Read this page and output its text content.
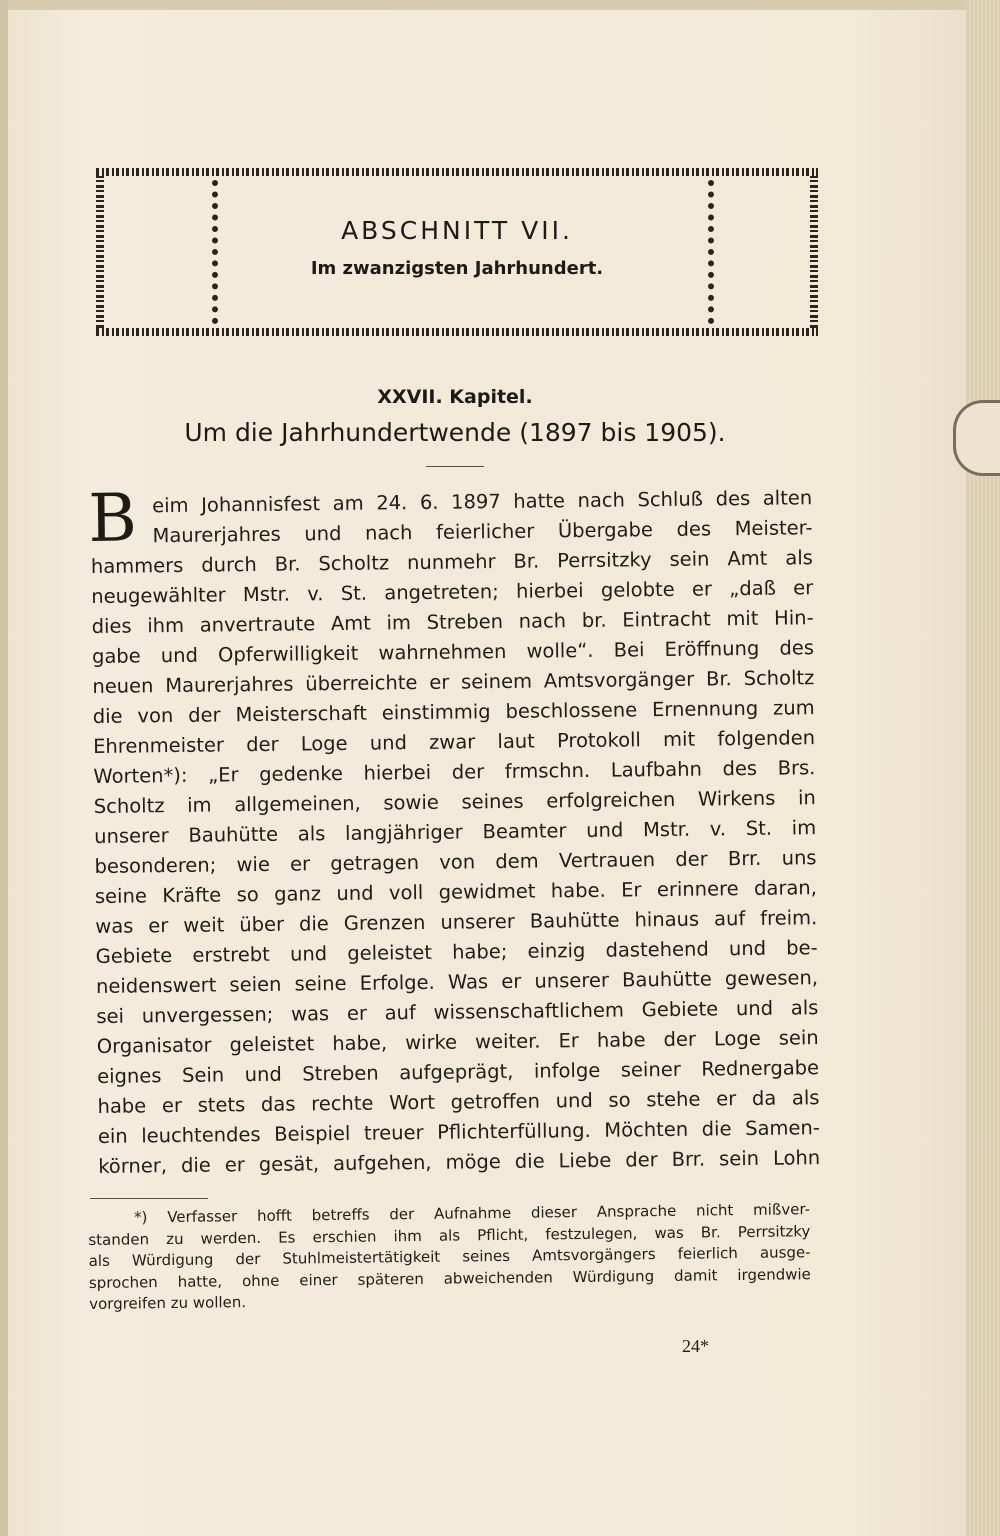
ABSCHNITT VII.
Im zwanzigsten Jahrhundert.
XXVII. Kapitel.
Um die Jahrhundertwende (1897 bis 1905).
B eim Johannisfest am 24. 6. 1897 hatte nach Schluß des alten
Maurerjahres und nach feierlicher Übergabe des Meister-
hammers durch Br. Scholtz nunmehr Br. Perrsitzky sein Amt als
neugewählter Mstr. v. St. angetreten; hierbei gelobte er „daß er
dies ihm anvertraute Amt im Streben nach br. Eintracht mit Hin-
gabe und Opferwilligkeit wahrnehmen wolle“. Bei Eröffnung des
neuen Maurerjahres überreichte er seinem Amtsvorgänger Br. Scholtz
die von der Meisterschaft einstimmig beschlossene Ernennung zum
Ehrenmeister der Loge und zwar laut Protokoll mit folgenden
Worten*): „Er gedenke hierbei der frmschn. Laufbahn des Brs.
Scholtz im allgemeinen, sowie seines erfolgreichen Wirkens in
unserer Bauhütte als langjähriger Beamter und Mstr. v. St. im
besonderen; wie er getragen von dem Vertrauen der Brr. uns
seine Kräfte so ganz und voll gewidmet habe. Er erinnere daran,
was er weit über die Grenzen unserer Bauhütte hinaus auf freim.
Gebiete erstrebt und geleistet habe; einzig dastehend und be-
neidenswert seien seine Erfolge. Was er unserer Bauhütte gewesen,
sei unvergessen; was er auf wissenschaftlichem Gebiete und als
Organisator geleistet habe, wirke weiter. Er habe der Loge sein
eignes Sein und Streben aufgeprägt, infolge seiner Rednergabe
habe er stets das rechte Wort getroffen und so stehe er da als
ein leuchtendes Beispiel treuer Pflichterfüllung. Möchten die Samen-
körner, die er gesät, aufgehen, möge die Liebe der Brr. sein Lohn
*) Verfasser hofft betreffs der Aufnahme dieser Ansprache nicht mißver-
standen zu werden. Es erschien ihm als Pflicht, festzulegen, was Br. Perrsitzky
als Würdigung der Stuhlmeistertätigkeit seines Amtsvorgängers feierlich ausge-
sprochen hatte, ohne einer späteren abweichenden Würdigung damit irgendwie
vorgreifen zu wollen.
24*
